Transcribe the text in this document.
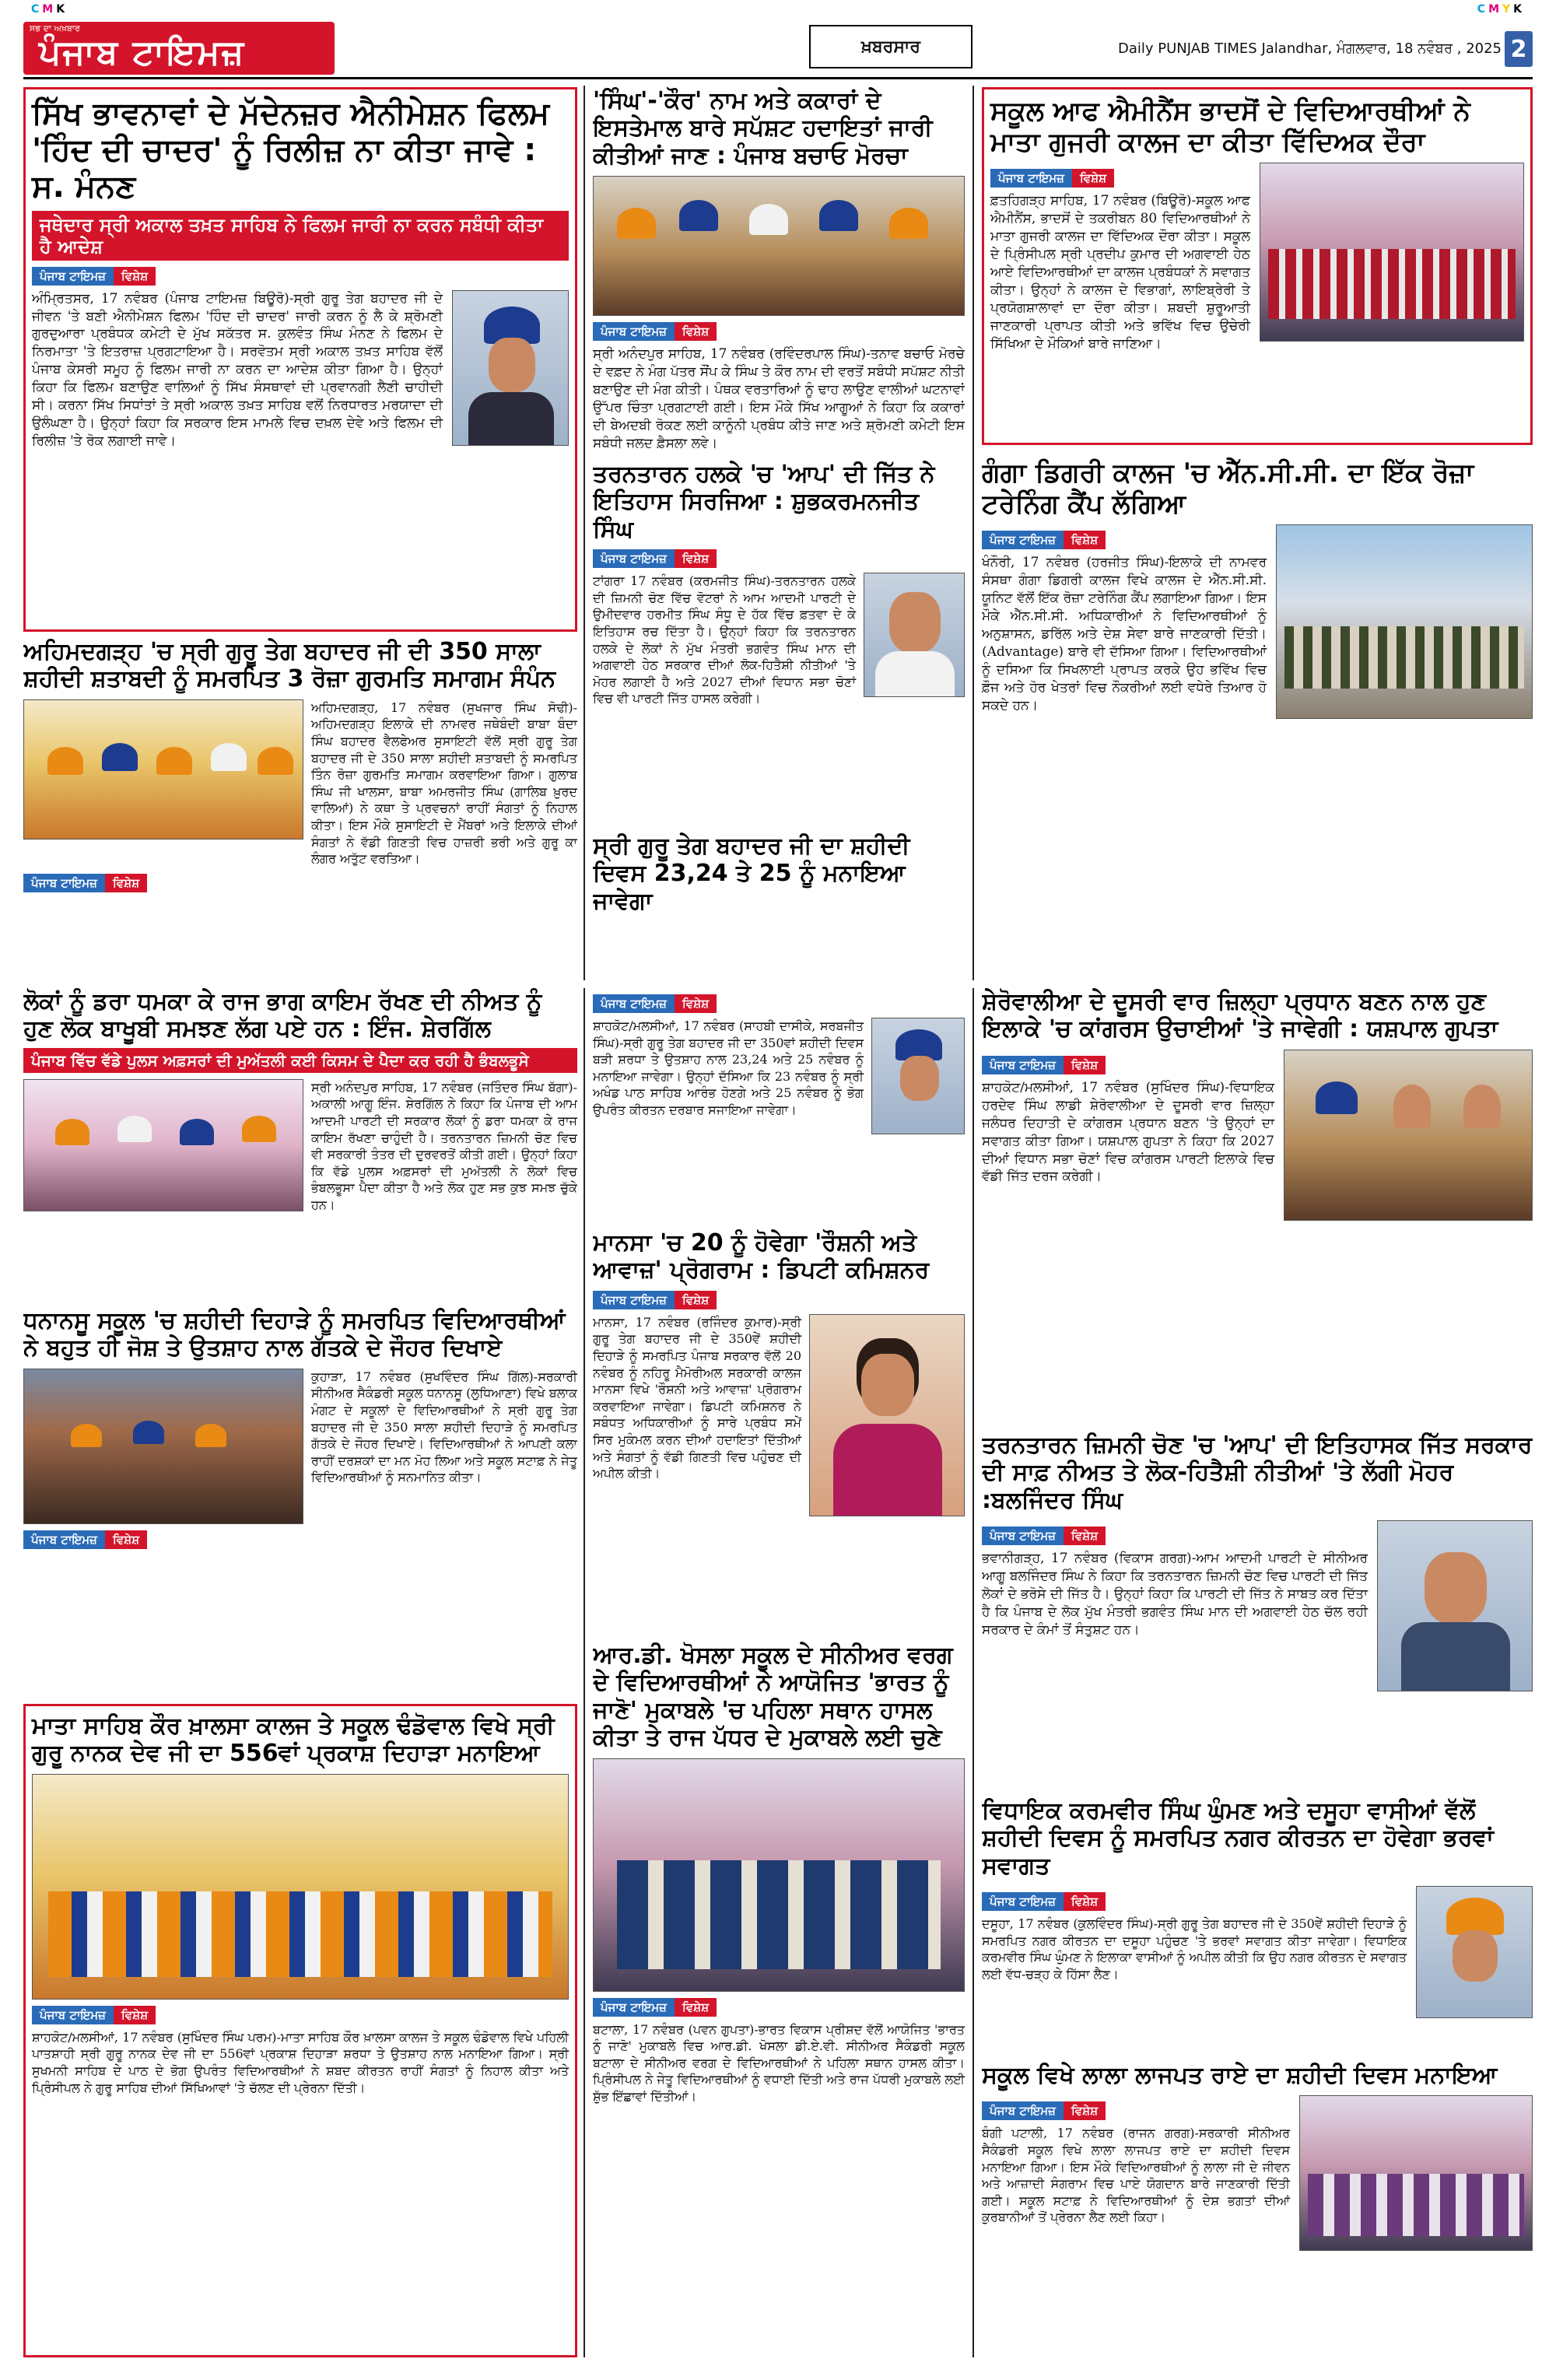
CMK	CMYK
ਸਭ ਦਾ ਅਖ਼ਬਾਰ
ਪੰਜਾਬ ਟਾਇਮਜ਼	ਖ਼ਬਰਸਾਰ	Daily PUNJAB TIMES Jalandhar, ਮੰਗਲਵਾਰ, 18 ਨਵੰਬਰ , 2025 2
ਸਿੱਖ ਭਾਵਨਾਵਾਂ ਦੇ ਮੱਦੇਨਜ਼ਰ ਐਨੀਮੇਸ਼ਨ ਫਿਲਮ 'ਹਿੰਦ ਦੀ ਚਾਦਰ' ਨੂੰ ਰਿਲੀਜ਼ ਨਾ ਕੀਤਾ ਜਾਵੇ : ਸ. ਮੰਨਣ
ਜਥੇਦਾਰ ਸ੍ਰੀ ਅਕਾਲ ਤਖ਼ਤ ਸਾਹਿਬ ਨੇ ਫਿਲਮ ਜਾਰੀ ਨਾ ਕਰਨ ਸਬੰਧੀ ਕੀਤਾ ਹੈ ਆਦੇਸ਼
ਪੰਜਾਬ ਟਾਇਮਜ਼	ਵਿਸ਼ੇਸ਼
ਅੰਮ੍ਰਿਤਸਰ, 17 ਨਵੰਬਰ (ਪੰਜਾਬ ਟਾਇਮਜ਼ ਬਿਊਰੋ)-ਸ੍ਰੀ ਗੁਰੂ ਤੇਗ ਬਹਾਦਰ ਜੀ ਦੇ ਜੀਵਨ 'ਤੇ ਬਣੀ ਐਨੀਮੇਸ਼ਨ ਫਿਲਮ 'ਹਿੰਦ ਦੀ ਚਾਦਰ' ਜਾਰੀ ਕਰਨ ਨੂੰ ਲੈ ਕੇ ਸ਼੍ਰੋਮਣੀ ਗੁਰਦੁਆਰਾ ਪ੍ਰਬੰਧਕ ਕਮੇਟੀ ਦੇ ਮੁੱਖ ਸਕੱਤਰ ਸ. ਕੁਲਵੰਤ ਸਿੰਘ ਮੰਨਣ ਨੇ ਫਿਲਮ ਦੇ ਨਿਰਮਾਤਾ 'ਤੇ ਇਤਰਾਜ਼ ਪ੍ਰਗਟਾਇਆ ਹੈ। ਸਰਵੋਤਮ ਸ੍ਰੀ ਅਕਾਲ ਤਖ਼ਤ ਸਾਹਿਬ ਵੱਲੋਂ ਪੰਜਾਬ ਕੇਸਰੀ ਸਮੂਹ ਨੂੰ ਫਿਲਮ ਜਾਰੀ ਨਾ ਕਰਨ ਦਾ ਆਦੇਸ਼ ਕੀਤਾ ਗਿਆ ਹੈ। ਉਨ੍ਹਾਂ ਕਿਹਾ ਕਿ ਫਿਲਮ ਬਣਾਉਣ ਵਾਲਿਆਂ ਨੂੰ ਸਿੱਖ ਸੰਸਥਾਵਾਂ ਦੀ ਪ੍ਰਵਾਨਗੀ ਲੈਣੀ ਚਾਹੀਦੀ ਸੀ। ਕਰਨਾ ਸਿੱਖ ਸਿਧਾਂਤਾਂ ਤੇ ਸ੍ਰੀ ਅਕਾਲ ਤਖ਼ਤ ਸਾਹਿਬ ਵਲੋਂ ਨਿਰਧਾਰਤ ਮਰਯਾਦਾ ਦੀ ਉਲੰਘਣਾ ਹੈ। ਉਨ੍ਹਾਂ ਕਿਹਾ ਕਿ ਸਰਕਾਰ ਇਸ ਮਾਮਲੇ ਵਿਚ ਦਖ਼ਲ ਦੇਵੇ ਅਤੇ ਫਿਲਮ ਦੀ ਰਿਲੀਜ਼ 'ਤੇ ਰੋਕ ਲਗਾਈ ਜਾਵੇ।
'ਸਿੰਘ'-'ਕੌਰ' ਨਾਮ ਅਤੇ ਕਕਾਰਾਂ ਦੇ ਇਸਤੇਮਾਲ ਬਾਰੇ ਸਪੱਸ਼ਟ ਹਦਾਇਤਾਂ ਜਾਰੀ ਕੀਤੀਆਂ ਜਾਣ : ਪੰਜਾਬ ਬਚਾਓ ਮੋਰਚਾ
ਪੰਜਾਬ ਟਾਇਮਜ਼	ਵਿਸ਼ੇਸ਼
ਸ੍ਰੀ ਅਨੰਦਪੁਰ ਸਾਹਿਬ, 17 ਨਵੰਬਰ (ਰਵਿੰਦਰਪਾਲ ਸਿੰਘ)-ਤਨਾਵ ਬਚਾਓ ਮੋਰਚੇ ਦੇ ਵਫ਼ਦ ਨੇ ਮੰਗ ਪੱਤਰ ਸੌਂਪ ਕੇ ਸਿੰਘ ਤੇ ਕੌਰ ਨਾਮ ਦੀ ਵਰਤੋਂ ਸਬੰਧੀ ਸਪੱਸ਼ਟ ਨੀਤੀ ਬਣਾਉਣ ਦੀ ਮੰਗ ਕੀਤੀ। ਪੰਥਕ ਵਰਤਾਰਿਆਂ ਨੂੰ ਢਾਹ ਲਾਉਣ ਵਾਲੀਆਂ ਘਟਨਾਵਾਂ ਉੱਪਰ ਚਿੰਤਾ ਪ੍ਰਗਟਾਈ ਗਈ। ਇਸ ਮੌਕੇ ਸਿੱਖ ਆਗੂਆਂ ਨੇ ਕਿਹਾ ਕਿ ਕਕਾਰਾਂ ਦੀ ਬੇਅਦਬੀ ਰੋਕਣ ਲਈ ਕਾਨੂੰਨੀ ਪ੍ਰਬੰਧ ਕੀਤੇ ਜਾਣ ਅਤੇ ਸ਼੍ਰੋਮਣੀ ਕਮੇਟੀ ਇਸ ਸਬੰਧੀ ਜਲਦ ਫ਼ੈਸਲਾ ਲਵੇ।
ਸਕੂਲ ਆਫ ਐਮੀਨੈਂਸ ਭਾਦਸੋਂ ਦੇ ਵਿਦਿਆਰਥੀਆਂ ਨੇ ਮਾਤਾ ਗੁਜਰੀ ਕਾਲਜ ਦਾ ਕੀਤਾ ਵਿੱਦਿਅਕ ਦੌਰਾ
ਪੰਜਾਬ ਟਾਇਮਜ਼	ਵਿਸ਼ੇਸ਼
ਫ਼ਤਹਿਗੜ੍ਹ ਸਾਹਿਬ, 17 ਨਵੰਬਰ (ਬਿਊਰੋ)-ਸਕੂਲ ਆਫ ਐਮੀਨੈਂਸ, ਭਾਦਸੋਂ ਦੇ ਤਕਰੀਬਨ 80 ਵਿਦਿਆਰਥੀਆਂ ਨੇ ਮਾਤਾ ਗੁਜਰੀ ਕਾਲਜ ਦਾ ਵਿੱਦਿਅਕ ਦੌਰਾ ਕੀਤਾ। ਸਕੂਲ ਦੇ ਪ੍ਰਿੰਸੀਪਲ ਸ੍ਰੀ ਪ੍ਰਦੀਪ ਕੁਮਾਰ ਦੀ ਅਗਵਾਈ ਹੇਠ ਆਏ ਵਿਦਿਆਰਥੀਆਂ ਦਾ ਕਾਲਜ ਪ੍ਰਬੰਧਕਾਂ ਨੇ ਸਵਾਗਤ ਕੀਤਾ। ਉਨ੍ਹਾਂ ਨੇ ਕਾਲਜ ਦੇ ਵਿਭਾਗਾਂ, ਲਾਇਬ੍ਰੇਰੀ ਤੇ ਪ੍ਰਯੋਗਸ਼ਾਲਾਵਾਂ ਦਾ ਦੌਰਾ ਕੀਤਾ। ਸ਼ਬਦੀ ਸ਼ੁਰੂਆਤੀ ਜਾਣਕਾਰੀ ਪ੍ਰਾਪਤ ਕੀਤੀ ਅਤੇ ਭਵਿੱਖ ਵਿਚ ਉਚੇਰੀ ਸਿੱਖਿਆ ਦੇ ਮੌਕਿਆਂ ਬਾਰੇ ਜਾਣਿਆ।
ਗੰਗਾ ਡਿਗਰੀ ਕਾਲਜ 'ਚ ਐੱਨ.ਸੀ.ਸੀ. ਦਾ ਇੱਕ ਰੋਜ਼ਾ ਟਰੇਨਿੰਗ ਕੈਂਪ ਲੱਗਿਆ
ਪੰਜਾਬ ਟਾਇਮਜ਼	ਵਿਸ਼ੇਸ਼
ਖੰਨੌਰੀ, 17 ਨਵੰਬਰ (ਹਰਜੀਤ ਸਿੰਘ)-ਇਲਾਕੇ ਦੀ ਨਾਮਵਰ ਸੰਸਥਾ ਗੰਗਾ ਡਿਗਰੀ ਕਾਲਜ ਵਿਖੇ ਕਾਲਜ ਦੇ ਐੱਨ.ਸੀ.ਸੀ. ਯੂਨਿਟ ਵੱਲੋਂ ਇੱਕ ਰੋਜ਼ਾ ਟਰੇਨਿੰਗ ਕੈਂਪ ਲਗਾਇਆ ਗਿਆ। ਇਸ ਮੌਕੇ ਐੱਨ.ਸੀ.ਸੀ. ਅਧਿਕਾਰੀਆਂ ਨੇ ਵਿਦਿਆਰਥੀਆਂ ਨੂੰ ਅਨੁਸ਼ਾਸਨ, ਡਰਿੱਲ ਅਤੇ ਦੇਸ਼ ਸੇਵਾ ਬਾਰੇ ਜਾਣਕਾਰੀ ਦਿੱਤੀ। (Advantage) ਬਾਰੇ ਵੀ ਦੱਸਿਆ ਗਿਆ। ਵਿਦਿਆਰਥੀਆਂ ਨੂੰ ਦਸਿਆ ਕਿ ਸਿਖਲਾਈ ਪ੍ਰਾਪਤ ਕਰਕੇ ਉਹ ਭਵਿੱਖ ਵਿਚ ਫ਼ੌਜ ਅਤੇ ਹੋਰ ਖੇਤਰਾਂ ਵਿਚ ਨੌਕਰੀਆਂ ਲਈ ਵਧੇਰੇ ਤਿਆਰ ਹੋ ਸਕਦੇ ਹਨ।
ਅਹਿਮਦਗੜ੍ਹ 'ਚ ਸ੍ਰੀ ਗੁਰੂ ਤੇਗ ਬਹਾਦਰ ਜੀ ਦੀ 350 ਸਾਲਾ ਸ਼ਹੀਦੀ ਸ਼ਤਾਬਦੀ ਨੂੰ ਸਮਰਪਿਤ 3 ਰੋਜ਼ਾ ਗੁਰਮਤਿ ਸਮਾਗਮ ਸੰਪੰਨ
ਅਹਿਮਦਗੜ੍ਹ, 17 ਨਵੰਬਰ (ਸੁਖਜਾਰ ਸਿੰਘ ਸੋਢੀ)-ਅਹਿਮਦਗੜ੍ਹ ਇਲਾਕੇ ਦੀ ਨਾਮਵਰ ਜਥੇਬੰਦੀ ਬਾਬਾ ਬੰਦਾ ਸਿੰਘ ਬਹਾਦਰ ਵੈਲਫੇਅਰ ਸੁਸਾਇਟੀ ਵੱਲੋਂ ਸ੍ਰੀ ਗੁਰੂ ਤੇਗ ਬਹਾਦਰ ਜੀ ਦੇ 350 ਸਾਲਾ ਸ਼ਹੀਦੀ ਸ਼ਤਾਬਦੀ ਨੂੰ ਸਮਰਪਿਤ ਤਿੰਨ ਰੋਜ਼ਾ ਗੁਰਮਤਿ ਸਮਾਗਮ ਕਰਵਾਇਆ ਗਿਆ। ਗੁਲਾਬ ਸਿੰਘ ਜੀ ਖਾਲਸਾ, ਬਾਬਾ ਅਮਰਜੀਤ ਸਿੰਘ (ਗਾਲਿਬ ਖ਼ੁਰਦ ਵਾਲਿਆਂ) ਨੇ ਕਥਾ ਤੇ ਪ੍ਰਵਚਨਾਂ ਰਾਹੀਂ ਸੰਗਤਾਂ ਨੂੰ ਨਿਹਾਲ ਕੀਤਾ। ਇਸ ਮੌਕੇ ਸੁਸਾਇਟੀ ਦੇ ਮੈਂਬਰਾਂ ਅਤੇ ਇਲਾਕੇ ਦੀਆਂ ਸੰਗਤਾਂ ਨੇ ਵੱਡੀ ਗਿਣਤੀ ਵਿਚ ਹਾਜ਼ਰੀ ਭਰੀ ਅਤੇ ਗੁਰੂ ਕਾ ਲੰਗਰ ਅਤੁੱਟ ਵਰਤਿਆ।
ਪੰਜਾਬ ਟਾਇਮਜ਼	ਵਿਸ਼ੇਸ਼
ਤਰਨਤਾਰਨ ਹਲਕੇ 'ਚ 'ਆਪ' ਦੀ ਜਿੱਤ ਨੇ ਇਤਿਹਾਸ ਸਿਰਜਿਆ : ਸ਼ੁਭਕਰਮਨਜੀਤ ਸਿੰਘ
ਪੰਜਾਬ ਟਾਇਮਜ਼	ਵਿਸ਼ੇਸ਼
ਟਾਂਗਰਾ 17 ਨਵੰਬਰ (ਕਰਮਜੀਤ ਸਿੰਘ)-ਤਰਨਤਾਰਨ ਹਲਕੇ ਦੀ ਜ਼ਿਮਨੀ ਚੋਣ ਵਿੱਚ ਵੋਟਰਾਂ ਨੇ ਆਮ ਆਦਮੀ ਪਾਰਟੀ ਦੇ ਉਮੀਦਵਾਰ ਹਰਮੀਤ ਸਿੰਘ ਸੰਧੂ ਦੇ ਹੱਕ ਵਿੱਚ ਫ਼ਤਵਾ ਦੇ ਕੇ ਇਤਿਹਾਸ ਰਚ ਦਿੱਤਾ ਹੈ। ਉਨ੍ਹਾਂ ਕਿਹਾ ਕਿ ਤਰਨਤਾਰਨ ਹਲਕੇ ਦੇ ਲੋਕਾਂ ਨੇ ਮੁੱਖ ਮੰਤਰੀ ਭਗਵੰਤ ਸਿੰਘ ਮਾਨ ਦੀ ਅਗਵਾਈ ਹੇਠ ਸਰਕਾਰ ਦੀਆਂ ਲੋਕ-ਹਿਤੈਸ਼ੀ ਨੀਤੀਆਂ 'ਤੇ ਮੋਹਰ ਲਗਾਈ ਹੈ ਅਤੇ 2027 ਦੀਆਂ ਵਿਧਾਨ ਸਭਾ ਚੋਣਾਂ ਵਿਚ ਵੀ ਪਾਰਟੀ ਜਿੱਤ ਹਾਸਲ ਕਰੇਗੀ।
ਸ੍ਰੀ ਗੁਰੂ ਤੇਗ ਬਹਾਦਰ ਜੀ ਦਾ ਸ਼ਹੀਦੀ ਦਿਵਸ 23,24 ਤੇ 25 ਨੂੰ ਮਨਾਇਆ ਜਾਵੇਗਾ
ਲੋਕਾਂ ਨੂੰ ਡਰਾ ਧਮਕਾ ਕੇ ਰਾਜ ਭਾਗ ਕਾਇਮ ਰੱਖਣ ਦੀ ਨੀਅਤ ਨੂੰ ਹੁਣ ਲੋਕ ਬਾਖੂਬੀ ਸਮਝਣ ਲੱਗ ਪਏ ਹਨ : ਇੰਜ. ਸ਼ੇਰਗਿੱਲ
ਪੰਜਾਬ ਵਿੱਚ ਵੱਡੇ ਪੁਲਸ ਅਫ਼ਸਰਾਂ ਦੀ ਮੁਅੱਤਲੀ ਕਈ ਕਿਸਮ ਦੇ ਪੈਦਾ ਕਰ ਰਹੀ ਹੈ ਭੰਬਲਭੂਸੇ
ਸ੍ਰੀ ਅਨੰਦਪੁਰ ਸਾਹਿਬ, 17 ਨਵੰਬਰ (ਜਤਿੰਦਰ ਸਿੰਘ ਬੱਗਾ)-ਅਕਾਲੀ ਆਗੂ ਇੰਜ. ਸ਼ੇਰਗਿੱਲ ਨੇ ਕਿਹਾ ਕਿ ਪੰਜਾਬ ਦੀ ਆਮ ਆਦਮੀ ਪਾਰਟੀ ਦੀ ਸਰਕਾਰ ਲੋਕਾਂ ਨੂੰ ਡਰਾ ਧਮਕਾ ਕੇ ਰਾਜ ਕਾਇਮ ਰੱਖਣਾ ਚਾਹੁੰਦੀ ਹੈ। ਤਰਨਤਾਰਨ ਜ਼ਿਮਨੀ ਚੋਣ ਵਿਚ ਵੀ ਸਰਕਾਰੀ ਤੰਤਰ ਦੀ ਦੁਰਵਰਤੋਂ ਕੀਤੀ ਗਈ। ਉਨ੍ਹਾਂ ਕਿਹਾ ਕਿ ਵੱਡੇ ਪੁਲਸ ਅਫ਼ਸਰਾਂ ਦੀ ਮੁਅੱਤਲੀ ਨੇ ਲੋਕਾਂ ਵਿਚ ਭੰਬਲਭੂਸਾ ਪੈਦਾ ਕੀਤਾ ਹੈ ਅਤੇ ਲੋਕ ਹੁਣ ਸਭ ਕੁਝ ਸਮਝ ਚੁੱਕੇ ਹਨ।
ਪੰਜਾਬ ਟਾਇਮਜ਼	ਵਿਸ਼ੇਸ਼
ਸ਼ਾਹਕੋਟ/ਮਲਸੀਆਂ, 17 ਨਵੰਬਰ (ਸਾਹਬੀ ਦਾਸੀਕੇ, ਸਰਬਜੀਤ ਸਿੰਘ)-ਸ੍ਰੀ ਗੁਰੂ ਤੇਗ ਬਹਾਦਰ ਜੀ ਦਾ 350ਵਾਂ ਸ਼ਹੀਦੀ ਦਿਵਸ ਬੜੀ ਸ਼ਰਧਾ ਤੇ ਉਤਸ਼ਾਹ ਨਾਲ 23,24 ਅਤੇ 25 ਨਵੰਬਰ ਨੂੰ ਮਨਾਇਆ ਜਾਵੇਗਾ। ਉਨ੍ਹਾਂ ਦੱਸਿਆ ਕਿ 23 ਨਵੰਬਰ ਨੂੰ ਸ੍ਰੀ ਅਖੰਡ ਪਾਠ ਸਾਹਿਬ ਆਰੰਭ ਹੋਣਗੇ ਅਤੇ 25 ਨਵੰਬਰ ਨੂੰ ਭੋਗ ਉਪਰੰਤ ਕੀਰਤਨ ਦਰਬਾਰ ਸਜਾਇਆ ਜਾਵੇਗਾ।
ਸ਼ੇਰੋਵਾਲੀਆ ਦੇ ਦੂਸਰੀ ਵਾਰ ਜ਼ਿਲ੍ਹਾ ਪ੍ਰਧਾਨ ਬਣਨ ਨਾਲ ਹੁਣ ਇਲਾਕੇ 'ਚ ਕਾਂਗਰਸ ਉਚਾਈਆਂ 'ਤੇ ਜਾਵੇਗੀ : ਯਸ਼ਪਾਲ ਗੁਪਤਾ
ਪੰਜਾਬ ਟਾਇਮਜ਼	ਵਿਸ਼ੇਸ਼
ਸ਼ਾਹਕੋਟ/ਮਲਸੀਆਂ, 17 ਨਵੰਬਰ (ਸੁਖਿੰਦਰ ਸਿੰਘ)-ਵਿਧਾਇਕ ਹਰਦੇਵ ਸਿੰਘ ਲਾਡੀ ਸ਼ੇਰੋਵਾਲੀਆ ਦੇ ਦੂਸਰੀ ਵਾਰ ਜ਼ਿਲ੍ਹਾ ਜਲੰਧਰ ਦਿਹਾਤੀ ਦੇ ਕਾਂਗਰਸ ਪ੍ਰਧਾਨ ਬਣਨ 'ਤੇ ਉਨ੍ਹਾਂ ਦਾ ਸਵਾਗਤ ਕੀਤਾ ਗਿਆ। ਯਸ਼ਪਾਲ ਗੁਪਤਾ ਨੇ ਕਿਹਾ ਕਿ 2027 ਦੀਆਂ ਵਿਧਾਨ ਸਭਾ ਚੋਣਾਂ ਵਿਚ ਕਾਂਗਰਸ ਪਾਰਟੀ ਇਲਾਕੇ ਵਿਚ ਵੱਡੀ ਜਿੱਤ ਦਰਜ ਕਰੇਗੀ।
ਮਾਨਸਾ 'ਚ 20 ਨੂੰ ਹੋਵੇਗਾ 'ਰੌਸ਼ਨੀ ਅਤੇ ਆਵਾਜ਼' ਪ੍ਰੋਗਰਾਮ : ਡਿਪਟੀ ਕਮਿਸ਼ਨਰ
ਪੰਜਾਬ ਟਾਇਮਜ਼	ਵਿਸ਼ੇਸ਼
ਮਾਨਸਾ, 17 ਨਵੰਬਰ (ਰਜਿੰਦਰ ਕੁਮਾਰ)-ਸ੍ਰੀ ਗੁਰੂ ਤੇਗ ਬਹਾਦਰ ਜੀ ਦੇ 350ਵੇਂ ਸ਼ਹੀਦੀ ਦਿਹਾੜੇ ਨੂੰ ਸਮਰਪਿਤ ਪੰਜਾਬ ਸਰਕਾਰ ਵੱਲੋਂ 20 ਨਵੰਬਰ ਨੂੰ ਨਹਿਰੂ ਮੈਮੋਰੀਅਲ ਸਰਕਾਰੀ ਕਾਲਜ ਮਾਨਸਾ ਵਿਖੇ 'ਰੌਸ਼ਨੀ ਅਤੇ ਆਵਾਜ਼' ਪ੍ਰੋਗਰਾਮ ਕਰਵਾਇਆ ਜਾਵੇਗਾ। ਡਿਪਟੀ ਕਮਿਸ਼ਨਰ ਨੇ ਸਬੰਧਤ ਅਧਿਕਾਰੀਆਂ ਨੂੰ ਸਾਰੇ ਪ੍ਰਬੰਧ ਸਮੇਂ ਸਿਰ ਮੁਕੰਮਲ ਕਰਨ ਦੀਆਂ ਹਦਾਇਤਾਂ ਦਿੱਤੀਆਂ ਅਤੇ ਸੰਗਤਾਂ ਨੂੰ ਵੱਡੀ ਗਿਣਤੀ ਵਿਚ ਪਹੁੰਚਣ ਦੀ ਅਪੀਲ ਕੀਤੀ।
ਤਰਨਤਾਰਨ ਜ਼ਿਮਨੀ ਚੋਣ 'ਚ 'ਆਪ' ਦੀ ਇਤਿਹਾਸਕ ਜਿੱਤ ਸਰਕਾਰ ਦੀ ਸਾਫ਼ ਨੀਅਤ ਤੇ ਲੋਕ-ਹਿਤੈਸ਼ੀ ਨੀਤੀਆਂ 'ਤੇ ਲੱਗੀ ਮੋਹਰ :ਬਲਜਿੰਦਰ ਸਿੰਘ
ਪੰਜਾਬ ਟਾਇਮਜ਼	ਵਿਸ਼ੇਸ਼
ਭਵਾਨੀਗੜ੍ਹ, 17 ਨਵੰਬਰ (ਵਿਕਾਸ ਗਰਗ)-ਆਮ ਆਦਮੀ ਪਾਰਟੀ ਦੇ ਸੀਨੀਅਰ ਆਗੂ ਬਲਜਿੰਦਰ ਸਿੰਘ ਨੇ ਕਿਹਾ ਕਿ ਤਰਨਤਾਰਨ ਜ਼ਿਮਨੀ ਚੋਣ ਵਿਚ ਪਾਰਟੀ ਦੀ ਜਿੱਤ ਲੋਕਾਂ ਦੇ ਭਰੋਸੇ ਦੀ ਜਿੱਤ ਹੈ। ਉਨ੍ਹਾਂ ਕਿਹਾ ਕਿ ਪਾਰਟੀ ਦੀ ਜਿੱਤ ਨੇ ਸਾਬਤ ਕਰ ਦਿੱਤਾ ਹੈ ਕਿ ਪੰਜਾਬ ਦੇ ਲੋਕ ਮੁੱਖ ਮੰਤਰੀ ਭਗਵੰਤ ਸਿੰਘ ਮਾਨ ਦੀ ਅਗਵਾਈ ਹੇਠ ਚੱਲ ਰਹੀ ਸਰਕਾਰ ਦੇ ਕੰਮਾਂ ਤੋਂ ਸੰਤੁਸ਼ਟ ਹਨ।
ਧਨਾਨਸੂ ਸਕੂਲ 'ਚ ਸ਼ਹੀਦੀ ਦਿਹਾੜੇ ਨੂੰ ਸਮਰਪਿਤ ਵਿਦਿਆਰਥੀਆਂ ਨੇ ਬਹੁਤ ਹੀ ਜੋਸ਼ ਤੇ ਉਤਸ਼ਾਹ ਨਾਲ ਗੱਤਕੇ ਦੇ ਜੌਹਰ ਦਿਖਾਏ
ਕੁਹਾੜਾ, 17 ਨਵੰਬਰ (ਸੁਖਵਿੰਦਰ ਸਿੰਘ ਗਿੱਲ)-ਸਰਕਾਰੀ ਸੀਨੀਅਰ ਸੈਕੰਡਰੀ ਸਕੂਲ ਧਨਾਨਸੂ (ਲੁਧਿਆਣਾ) ਵਿਖੇ ਬਲਾਕ ਮੰਗਟ ਦੇ ਸਕੂਲਾਂ ਦੇ ਵਿਦਿਆਰਥੀਆਂ ਨੇ ਸ੍ਰੀ ਗੁਰੂ ਤੇਗ ਬਹਾਦਰ ਜੀ ਦੇ 350 ਸਾਲਾ ਸ਼ਹੀਦੀ ਦਿਹਾੜੇ ਨੂੰ ਸਮਰਪਿਤ ਗੱਤਕੇ ਦੇ ਜੌਹਰ ਦਿਖਾਏ। ਵਿਦਿਆਰਥੀਆਂ ਨੇ ਆਪਣੀ ਕਲਾ ਰਾਹੀਂ ਦਰਸ਼ਕਾਂ ਦਾ ਮਨ ਮੋਹ ਲਿਆ ਅਤੇ ਸਕੂਲ ਸਟਾਫ਼ ਨੇ ਜੇਤੂ ਵਿਦਿਆਰਥੀਆਂ ਨੂੰ ਸਨਮਾਨਿਤ ਕੀਤਾ।
ਪੰਜਾਬ ਟਾਇਮਜ਼	ਵਿਸ਼ੇਸ਼
ਆਰ.ਡੀ. ਖੋਸਲਾ ਸਕੂਲ ਦੇ ਸੀਨੀਅਰ ਵਰਗ ਦੇ ਵਿਦਿਆਰਥੀਆਂ ਨੇ ਆਯੋਜਿਤ 'ਭਾਰਤ ਨੂੰ ਜਾਣੋ' ਮੁਕਾਬਲੇ 'ਚ ਪਹਿਲਾ ਸਥਾਨ ਹਾਸਲ ਕੀਤਾ ਤੇ ਰਾਜ ਪੱਧਰ ਦੇ ਮੁਕਾਬਲੇ ਲਈ ਚੁਣੇ
ਪੰਜਾਬ ਟਾਇਮਜ਼	ਵਿਸ਼ੇਸ਼
ਬਟਾਲਾ, 17 ਨਵੰਬਰ (ਪਵਨ ਗੁਪਤਾ)-ਭਾਰਤ ਵਿਕਾਸ ਪ੍ਰੀਸ਼ਦ ਵੱਲੋਂ ਆਯੋਜਿਤ 'ਭਾਰਤ ਨੂੰ ਜਾਣੋ' ਮੁਕਾਬਲੇ ਵਿਚ ਆਰ.ਡੀ. ਖੋਸਲਾ ਡੀ.ਏ.ਵੀ. ਸੀਨੀਅਰ ਸੈਕੰਡਰੀ ਸਕੂਲ ਬਟਾਲਾ ਦੇ ਸੀਨੀਅਰ ਵਰਗ ਦੇ ਵਿਦਿਆਰਥੀਆਂ ਨੇ ਪਹਿਲਾ ਸਥਾਨ ਹਾਸਲ ਕੀਤਾ। ਪ੍ਰਿੰਸੀਪਲ ਨੇ ਜੇਤੂ ਵਿਦਿਆਰਥੀਆਂ ਨੂੰ ਵਧਾਈ ਦਿੱਤੀ ਅਤੇ ਰਾਜ ਪੱਧਰੀ ਮੁਕਾਬਲੇ ਲਈ ਸ਼ੁੱਭ ਇੱਛਾਵਾਂ ਦਿੱਤੀਆਂ।
ਵਿਧਾਇਕ ਕਰਮਵੀਰ ਸਿੰਘ ਘੁੰਮਣ ਅਤੇ ਦਸੂਹਾ ਵਾਸੀਆਂ ਵੱਲੋਂ ਸ਼ਹੀਦੀ ਦਿਵਸ ਨੂੰ ਸਮਰਪਿਤ ਨਗਰ ਕੀਰਤਨ ਦਾ ਹੋਵੇਗਾ ਭਰਵਾਂ ਸਵਾਗਤ
ਪੰਜਾਬ ਟਾਇਮਜ਼	ਵਿਸ਼ੇਸ਼
ਦਸੂਹਾ, 17 ਨਵੰਬਰ (ਕੁਲਵਿੰਦਰ ਸਿੰਘ)-ਸ੍ਰੀ ਗੁਰੂ ਤੇਗ ਬਹਾਦਰ ਜੀ ਦੇ 350ਵੇਂ ਸ਼ਹੀਦੀ ਦਿਹਾੜੇ ਨੂੰ ਸਮਰਪਿਤ ਨਗਰ ਕੀਰਤਨ ਦਾ ਦਸੂਹਾ ਪਹੁੰਚਣ 'ਤੇ ਭਰਵਾਂ ਸਵਾਗਤ ਕੀਤਾ ਜਾਵੇਗਾ। ਵਿਧਾਇਕ ਕਰਮਵੀਰ ਸਿੰਘ ਘੁੰਮਣ ਨੇ ਇਲਾਕਾ ਵਾਸੀਆਂ ਨੂੰ ਅਪੀਲ ਕੀਤੀ ਕਿ ਉਹ ਨਗਰ ਕੀਰਤਨ ਦੇ ਸਵਾਗਤ ਲਈ ਵੱਧ-ਚੜ੍ਹ ਕੇ ਹਿੱਸਾ ਲੈਣ।
ਮਾਤਾ ਸਾਹਿਬ ਕੌਰ ਖ਼ਾਲਸਾ ਕਾਲਜ ਤੇ ਸਕੂਲ ਢੰਡੋਵਾਲ ਵਿਖੇ ਸ੍ਰੀ ਗੁਰੂ ਨਾਨਕ ਦੇਵ ਜੀ ਦਾ 556ਵਾਂ ਪ੍ਰਕਾਸ਼ ਦਿਹਾੜਾ ਮਨਾਇਆ
ਪੰਜਾਬ ਟਾਇਮਜ਼	ਵਿਸ਼ੇਸ਼
ਸ਼ਾਹਕੋਟ/ਮਲਸੀਆਂ, 17 ਨਵੰਬਰ (ਸੁਖਿੰਦਰ ਸਿੰਘ ਪਰਮ)-ਮਾਤਾ ਸਾਹਿਬ ਕੌਰ ਖ਼ਾਲਸਾ ਕਾਲਜ ਤੇ ਸਕੂਲ ਢੰਡੋਵਾਲ ਵਿਖੇ ਪਹਿਲੀ ਪਾਤਸ਼ਾਹੀ ਸ੍ਰੀ ਗੁਰੂ ਨਾਨਕ ਦੇਵ ਜੀ ਦਾ 556ਵਾਂ ਪ੍ਰਕਾਸ਼ ਦਿਹਾੜਾ ਸ਼ਰਧਾ ਤੇ ਉਤਸ਼ਾਹ ਨਾਲ ਮਨਾਇਆ ਗਿਆ। ਸ੍ਰੀ ਸੁਖਮਨੀ ਸਾਹਿਬ ਦੇ ਪਾਠ ਦੇ ਭੋਗ ਉਪਰੰਤ ਵਿਦਿਆਰਥੀਆਂ ਨੇ ਸ਼ਬਦ ਕੀਰਤਨ ਰਾਹੀਂ ਸੰਗਤਾਂ ਨੂੰ ਨਿਹਾਲ ਕੀਤਾ ਅਤੇ ਪ੍ਰਿੰਸੀਪਲ ਨੇ ਗੁਰੂ ਸਾਹਿਬ ਦੀਆਂ ਸਿੱਖਿਆਵਾਂ 'ਤੇ ਚੱਲਣ ਦੀ ਪ੍ਰੇਰਨਾ ਦਿੱਤੀ।	ਸਕੂਲ ਵਿਖੇ ਲਾਲਾ ਲਾਜਪਤ ਰਾਏ ਦਾ ਸ਼ਹੀਦੀ ਦਿਵਸ ਮਨਾਇਆ
ਪੰਜਾਬ ਟਾਇਮਜ਼	ਵਿਸ਼ੇਸ਼
ਬੰਗੀ ਪਟਾਲੀ, 17 ਨਵੰਬਰ (ਰਾਜਨ ਗਰਗ)-ਸਰਕਾਰੀ ਸੀਨੀਅਰ ਸੈਕੰਡਰੀ ਸਕੂਲ ਵਿਖੇ ਲਾਲਾ ਲਾਜਪਤ ਰਾਏ ਦਾ ਸ਼ਹੀਦੀ ਦਿਵਸ ਮਨਾਇਆ ਗਿਆ। ਇਸ ਮੌਕੇ ਵਿਦਿਆਰਥੀਆਂ ਨੂੰ ਲਾਲਾ ਜੀ ਦੇ ਜੀਵਨ ਅਤੇ ਆਜ਼ਾਦੀ ਸੰਗਰਾਮ ਵਿਚ ਪਾਏ ਯੋਗਦਾਨ ਬਾਰੇ ਜਾਣਕਾਰੀ ਦਿੱਤੀ ਗਈ। ਸਕੂਲ ਸਟਾਫ਼ ਨੇ ਵਿਦਿਆਰਥੀਆਂ ਨੂੰ ਦੇਸ਼ ਭਗਤਾਂ ਦੀਆਂ ਕੁਰਬਾਨੀਆਂ ਤੋਂ ਪ੍ਰੇਰਨਾ ਲੈਣ ਲਈ ਕਿਹਾ।
